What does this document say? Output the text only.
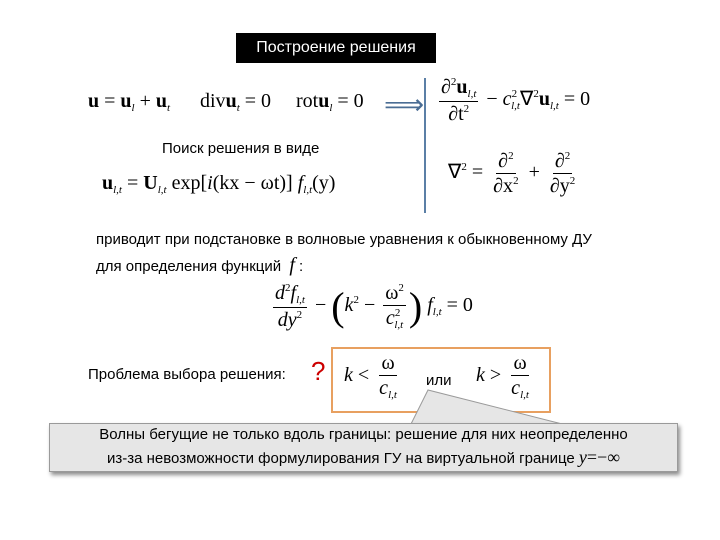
Построение решения
$u = u_l + u_t$ divu$_t$ = 0 rotu$_l$ = 0 ⟹ $\frac{\partial^2u_{l,t}}{\partial t^2} - c^2_{l,t}\nabla^2u_{l,t} = 0$
Поиск решения в виде
$u_{l,t} = U_{l,t}$ exp[i(kx − ωt)] $f_{l,t}(y)$	$\nabla^2 = \frac{\partial^2}{\partial x^2} + \frac{\partial^2}{\partial y^2}$
приводит при подстановке в волновые уравнения к обыкновенному ДУ
для определения функций f :
$\frac{d^2f_{l,t}}{dy^2} - (k^2 - \frac{\omega^2}{c^2_{l,t}}$ ) $f_{l,t} = 0$
Проблема выбора решения: ? $k < \frac{\omega}{c_{l,t}}$ или $k > \frac{\omega}{c_{l,t}}$
Волны бегущие не только вдоль границы: решение для них неопределенно
из-за невозможности формулирования ГУ на виртуальной границе y=−∞
